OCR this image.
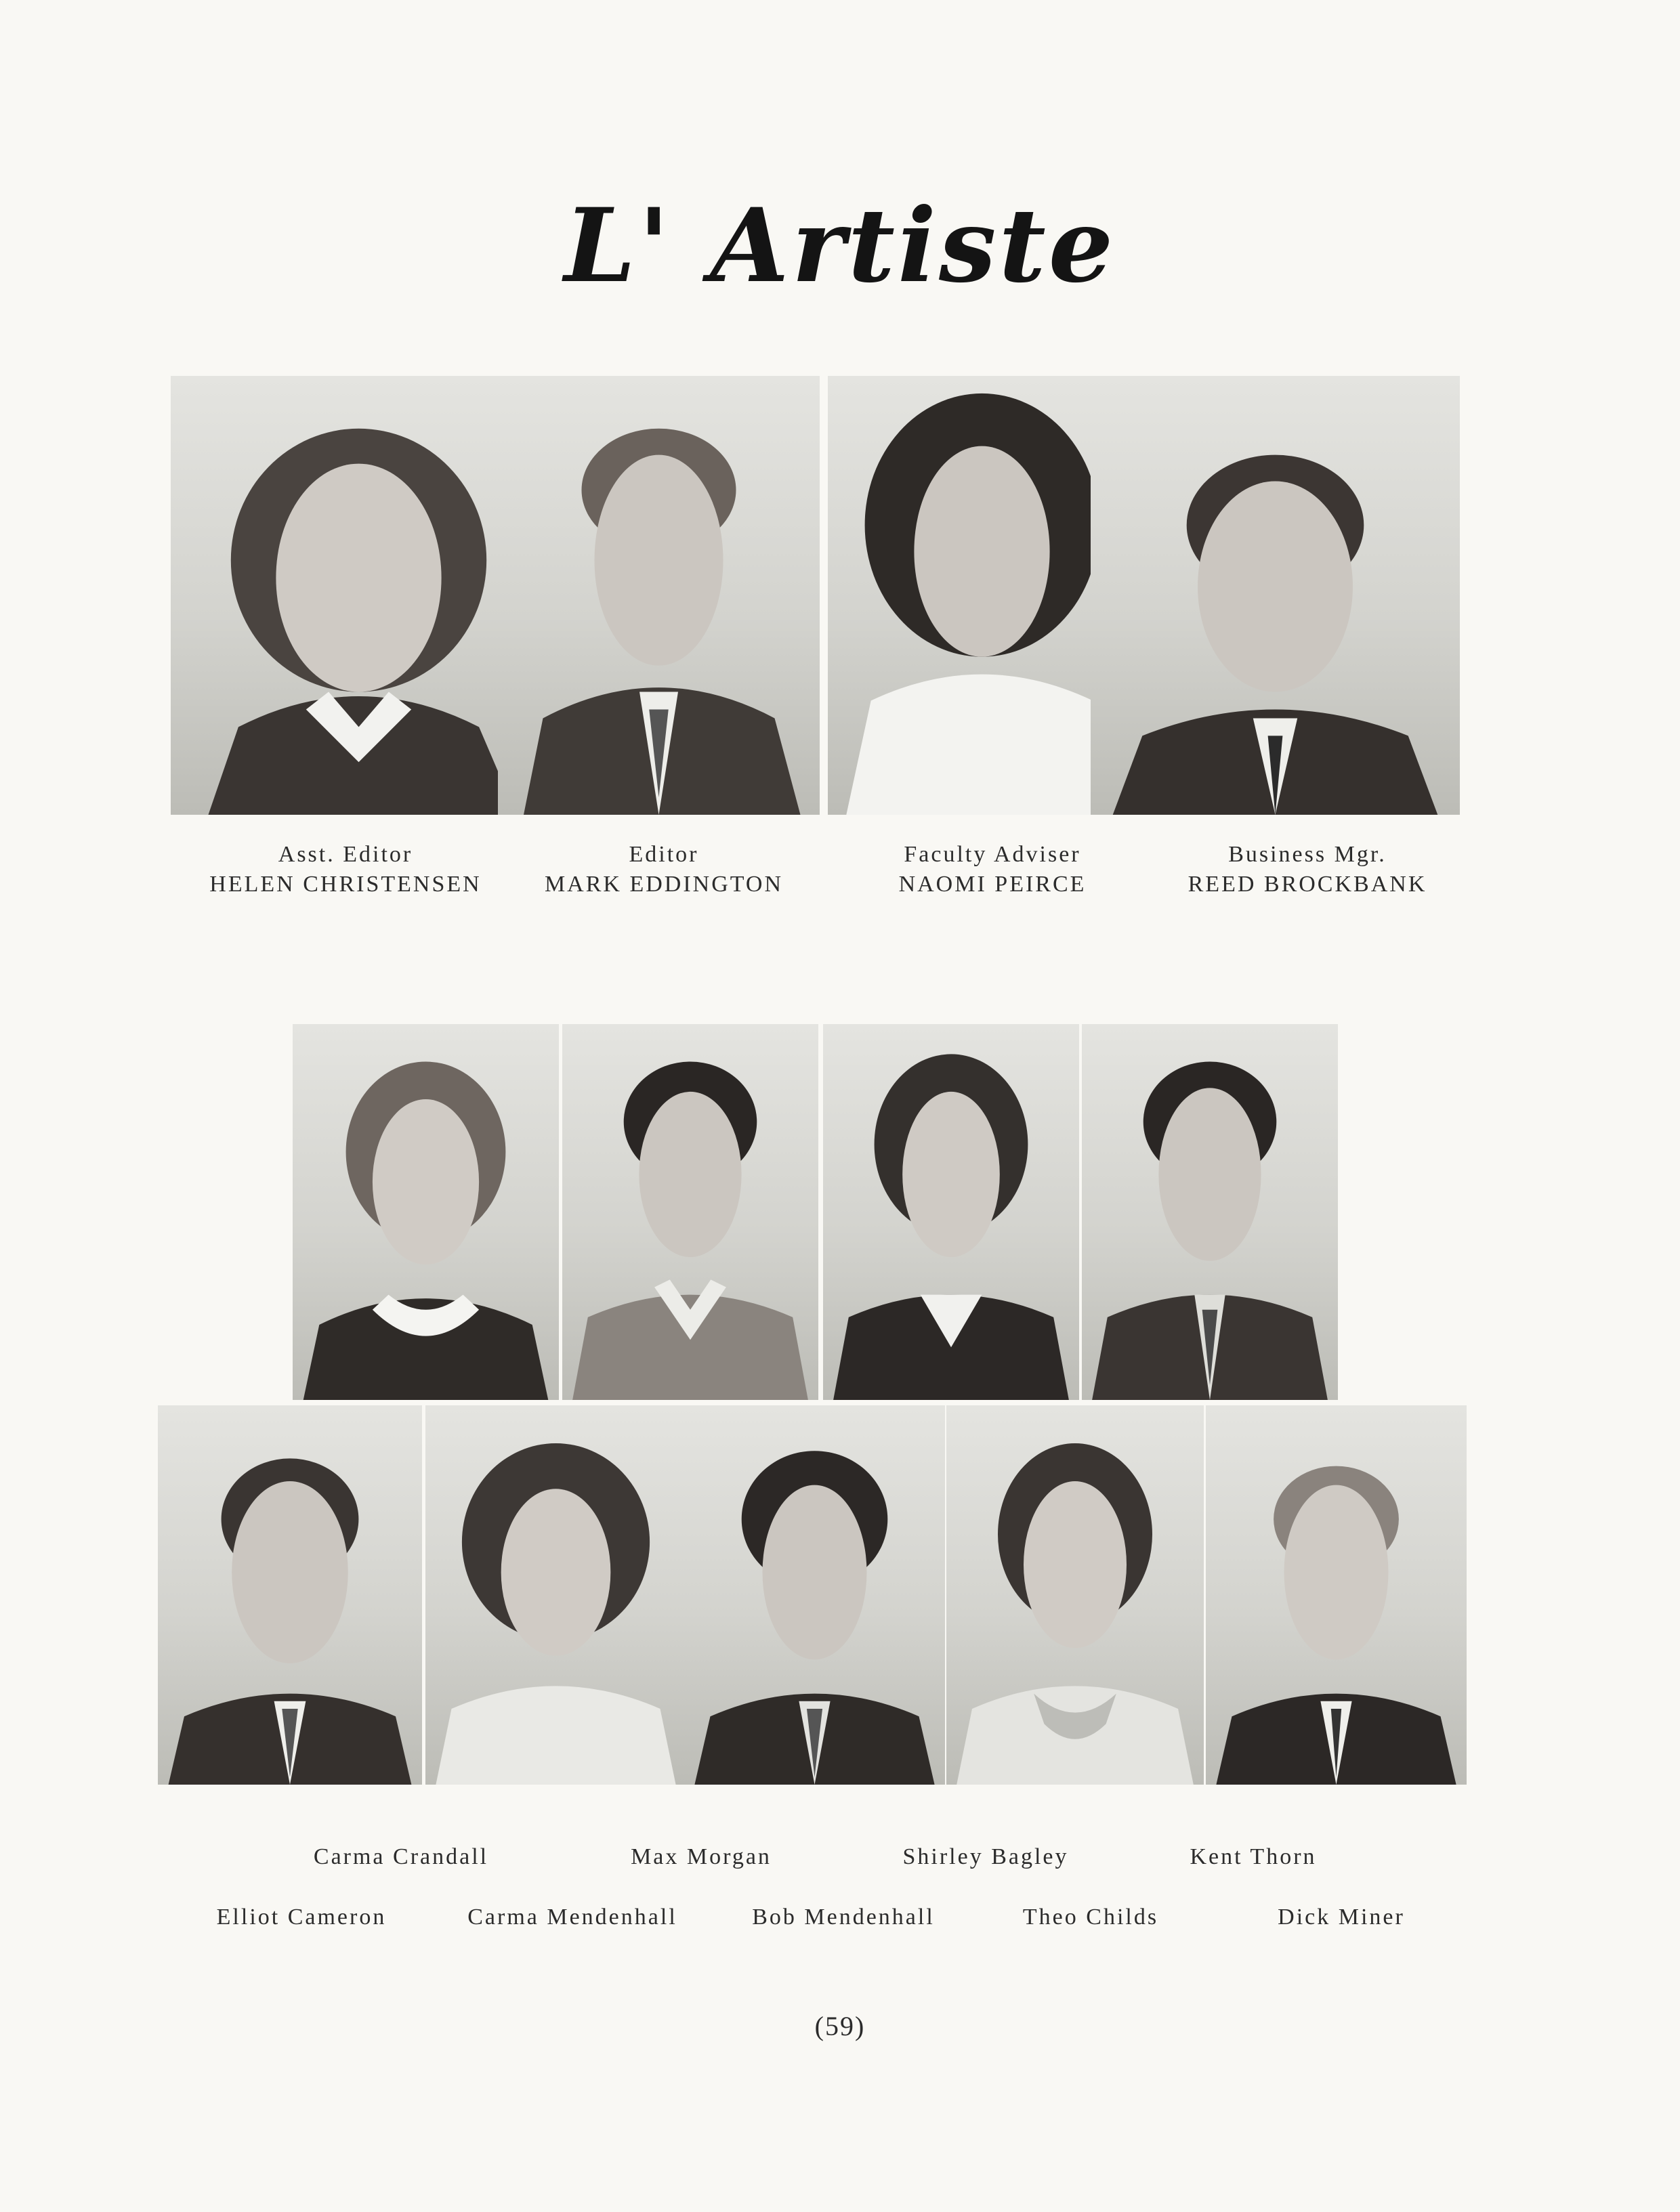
L' Artiste
Asst. Editor
HELEN CHRISTENSEN
Editor
MARK EDDINGTON
Faculty Adviser
NAOMI PEIRCE
Business Mgr.
REED BROCKBANK
Carma Crandall	Max Morgan	Shirley Bagley	Kent Thorn
Elliot Cameron	Carma Mendenhall	Bob Mendenhall	Theo Childs	Dick Miner
(59)
